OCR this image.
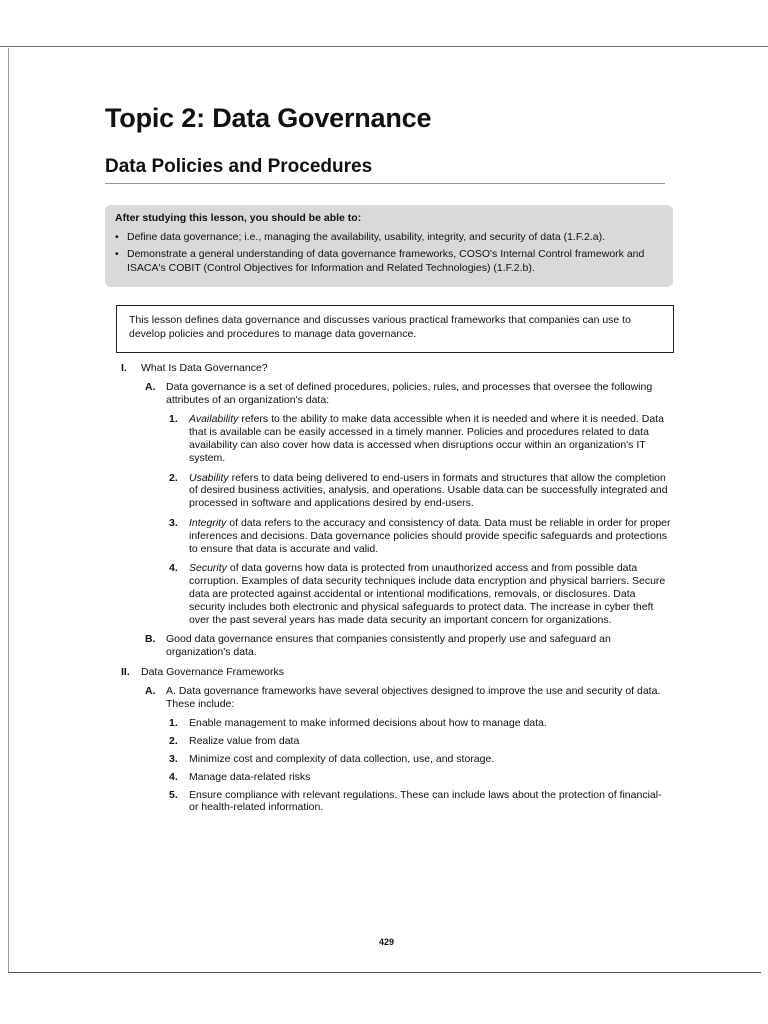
Topic 2: Data Governance
Data Policies and Procedures
After studying this lesson, you should be able to:
• Define data governance; i.e., managing the availability, usability, integrity, and security of data (1.F.2.a).
• Demonstrate a general understanding of data governance frameworks, COSO's Internal Control framework and ISACA's COBIT (Control Objectives for Information and Related Technologies) (1.F.2.b).
This lesson defines data governance and discusses various practical frameworks that companies can use to develop policies and procedures to manage data governance.
I. What Is Data Governance?
A. Data governance is a set of defined procedures, policies, rules, and processes that oversee the following attributes of an organization's data:
1. Availability refers to the ability to make data accessible when it is needed and where it is needed. Data that is available can be easily accessed in a timely manner. Policies and procedures related to data availability can also cover how data is accessed when disruptions occur within an organization's IT system.
2. Usability refers to data being delivered to end-users in formats and structures that allow the completion of desired business activities, analysis, and operations. Usable data can be successfully integrated and processed in software and applications desired by end-users.
3. Integrity of data refers to the accuracy and consistency of data. Data must be reliable in order for proper inferences and decisions. Data governance policies should provide specific safeguards and protections to ensure that data is accurate and valid.
4. Security of data governs how data is protected from unauthorized access and from possible data corruption. Examples of data security techniques include data encryption and physical barriers. Secure data are protected against accidental or intentional modifications, removals, or disclosures. Data security includes both electronic and physical safeguards to protect data. The increase in cyber theft over the past several years has made data security an important concern for organizations.
B. Good data governance ensures that companies consistently and properly use and safeguard an organization's data.
II. Data Governance Frameworks
A. A. Data governance frameworks have several objectives designed to improve the use and security of data. These include:
1. Enable management to make informed decisions about how to manage data.
2. Realize value from data
3. Minimize cost and complexity of data collection, use, and storage.
4. Manage data-related risks
5. Ensure compliance with relevant regulations. These can include laws about the protection of financial- or health-related information.
429
